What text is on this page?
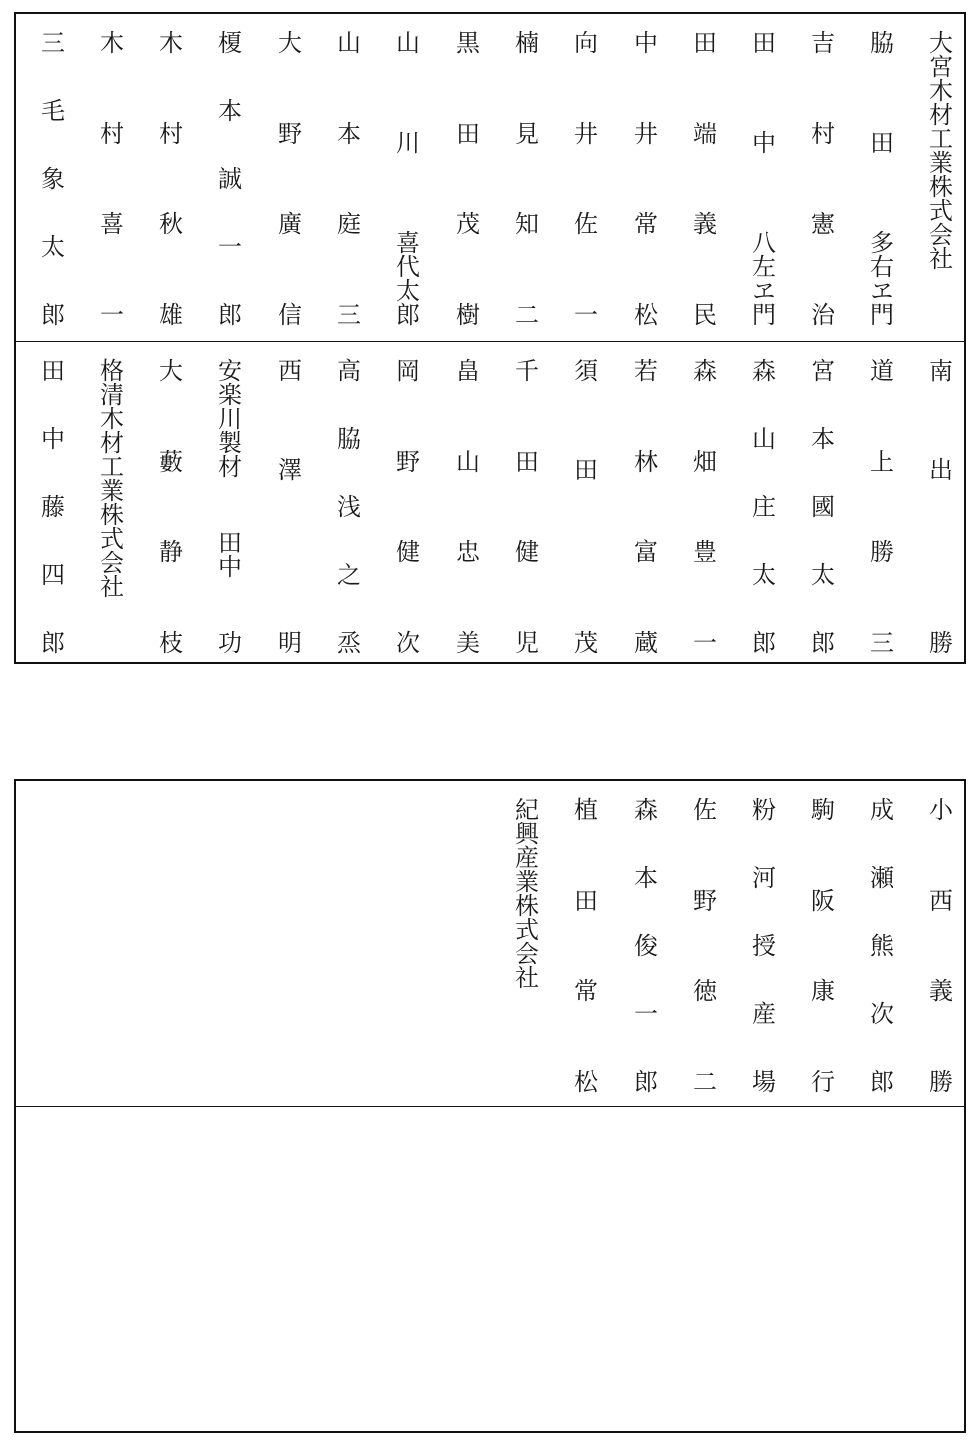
大宮木材工業株式会社
脇
田
多右ヱ門
吉
村
憲
治
田
中
八左ヱ門
田
端
義
民
中
井
常
松
向
井
佐
一
楠
見
知
二
黒
田
茂
樹
山
川
喜代太郎
山
本
庭
三
大
野
廣
信
榎
本
誠
一
郎
木
村
秋
雄
木
村
喜
一
三
毛
象
太
郎
南
出
勝
道
上
勝
三
宮
本
國
太
郎
森
山
庄
太
郎
森
畑
豊
一
若
林
富
蔵
須
田
茂
千
田
健
児
畠
山
忠
美
岡
野
健
次
高
脇
浅
之
烝
西
澤
明
安楽川製材
田中
功
大
藪
静
枝
格清木材工業株式会社
田
中
藤
四
郎
小
西
義
勝
成
瀬
熊
次
郎
駒
阪
康
行
粉
河
授
産
場
佐
野
徳
二
森
本
俊
一
郎
植
田
常
松
紀興産業株式会社
